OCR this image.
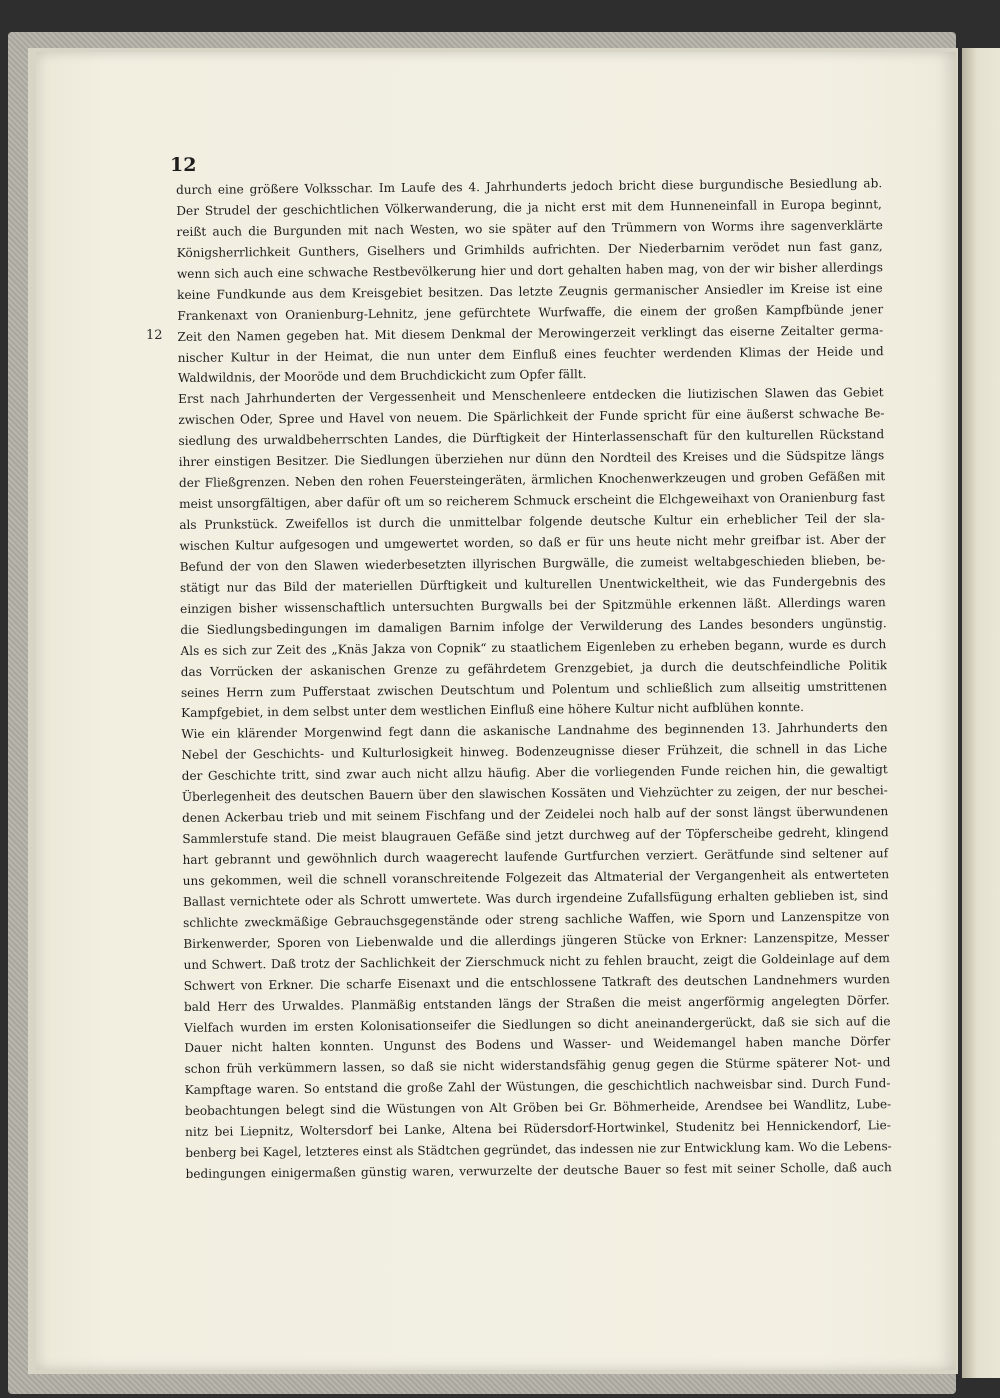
12

12

durch eine größere Volksschar. Im Laufe des 4. Jahrhunderts jedoch bricht diese burgundische Besiedlung ab.
Der Strudel der geschichtlichen Völkerwanderung, die ja nicht erst mit dem Hunneneinfall in Europa beginnt,
reißt auch die Burgunden mit nach Westen, wo sie später auf den Trümmern von Worms ihre sagenverklärte
Königsherrlichkeit Gunthers, Giselhers und Grimhilds aufrichten. Der Niederbarnim verödet nun fast ganz,
wenn sich auch eine schwache Restbevölkerung hier und dort gehalten haben mag, von der wir bisher allerdings
keine Fundkunde aus dem Kreisgebiet besitzen. Das letzte Zeugnis germanischer Ansiedler im Kreise ist eine
Frankenaxt von Oranienburg-Lehnitz, jene gefürchtete Wurfwaffe, die einem der großen Kampfbünde jener
Zeit den Namen gegeben hat. Mit diesem Denkmal der Merowingerzeit verklingt das eiserne Zeitalter germa-
nischer Kultur in der Heimat, die nun unter dem Einfluß eines feuchter werdenden Klimas der Heide und
Waldwildnis, der Mooröde und dem Bruchdickicht zum Opfer fällt.
Erst nach Jahrhunderten der Vergessenheit und Menschenleere entdecken die liutizischen Slawen das Gebiet
zwischen Oder, Spree und Havel von neuem. Die Spärlichkeit der Funde spricht für eine äußerst schwache Be-
siedlung des urwaldbeherrschten Landes, die Dürftigkeit der Hinterlassenschaft für den kulturellen Rückstand
ihrer einstigen Besitzer. Die Siedlungen überziehen nur dünn den Nordteil des Kreises und die Südspitze längs
der Fließgrenzen. Neben den rohen Feuersteingeräten, ärmlichen Knochenwerkzeugen und groben Gefäßen mit
meist unsorgfältigen, aber dafür oft um so reicherem Schmuck erscheint die Elchgeweihaxt von Oranienburg fast
als Prunkstück. Zweifellos ist durch die unmittelbar folgende deutsche Kultur ein erheblicher Teil der sla-
wischen Kultur aufgesogen und umgewertet worden, so daß er für uns heute nicht mehr greifbar ist. Aber der
Befund der von den Slawen wiederbesetzten illyrischen Burgwälle, die zumeist weltabgeschieden blieben, be-
stätigt nur das Bild der materiellen Dürftigkeit und kulturellen Unentwickeltheit, wie das Fundergebnis des
einzigen bisher wissenschaftlich untersuchten Burgwalls bei der Spitzmühle erkennen läßt. Allerdings waren
die Siedlungsbedingungen im damaligen Barnim infolge der Verwilderung des Landes besonders ungünstig.
Als es sich zur Zeit des „Knäs Jakza von Copnik“ zu staatlichem Eigenleben zu erheben begann, wurde es durch
das Vorrücken der askanischen Grenze zu gefährdetem Grenzgebiet, ja durch die deutschfeindliche Politik
seines Herrn zum Pufferstaat zwischen Deutschtum und Polentum und schließlich zum allseitig umstrittenen
Kampfgebiet, in dem selbst unter dem westlichen Einfluß eine höhere Kultur nicht aufblühen konnte.
Wie ein klärender Morgenwind fegt dann die askanische Landnahme des beginnenden 13. Jahrhunderts den
Nebel der Geschichts- und Kulturlosigkeit hinweg. Bodenzeugnisse dieser Frühzeit, die schnell in das Liche
der Geschichte tritt, sind zwar auch nicht allzu häufig. Aber die vorliegenden Funde reichen hin, die gewaltigt
Überlegenheit des deutschen Bauern über den slawischen Kossäten und Viehzüchter zu zeigen, der nur beschei-
denen Ackerbau trieb und mit seinem Fischfang und der Zeidelei noch halb auf der sonst längst überwundenen
Sammlerstufe stand. Die meist blaugrauen Gefäße sind jetzt durchweg auf der Töpferscheibe gedreht, klingend
hart gebrannt und gewöhnlich durch waagerecht laufende Gurtfurchen verziert. Gerätfunde sind seltener auf
uns gekommen, weil die schnell voranschreitende Folgezeit das Altmaterial der Vergangenheit als entwerteten
Ballast vernichtete oder als Schrott umwertete. Was durch irgendeine Zufallsfügung erhalten geblieben ist, sind
schlichte zweckmäßige Gebrauchsgegenstände oder streng sachliche Waffen, wie Sporn und Lanzenspitze von
Birkenwerder, Sporen von Liebenwalde und die allerdings jüngeren Stücke von Erkner: Lanzenspitze, Messer
und Schwert. Daß trotz der Sachlichkeit der Zierschmuck nicht zu fehlen braucht, zeigt die Goldeinlage auf dem
Schwert von Erkner. Die scharfe Eisenaxt und die entschlossene Tatkraft des deutschen Landnehmers wurden
bald Herr des Urwaldes. Planmäßig entstanden längs der Straßen die meist angerförmig angelegten Dörfer.
Vielfach wurden im ersten Kolonisationseifer die Siedlungen so dicht aneinandergerückt, daß sie sich auf die
Dauer nicht halten konnten. Ungunst des Bodens und Wasser- und Weidemangel haben manche Dörfer
schon früh verkümmern lassen, so daß sie nicht widerstandsfähig genug gegen die Stürme späterer Not- und
Kampftage waren. So entstand die große Zahl der Wüstungen, die geschichtlich nachweisbar sind. Durch Fund-
beobachtungen belegt sind die Wüstungen von Alt Gröben bei Gr. Böhmerheide, Arendsee bei Wandlitz, Lube-
nitz bei Liepnitz, Woltersdorf bei Lanke, Altena bei Rüdersdorf-Hortwinkel, Studenitz bei Hennickendorf, Lie-
benberg bei Kagel, letzteres einst als Städtchen gegründet, das indessen nie zur Entwicklung kam. Wo die Lebens-
bedingungen einigermaßen günstig waren, verwurzelte der deutsche Bauer so fest mit seiner Scholle, daß auch
